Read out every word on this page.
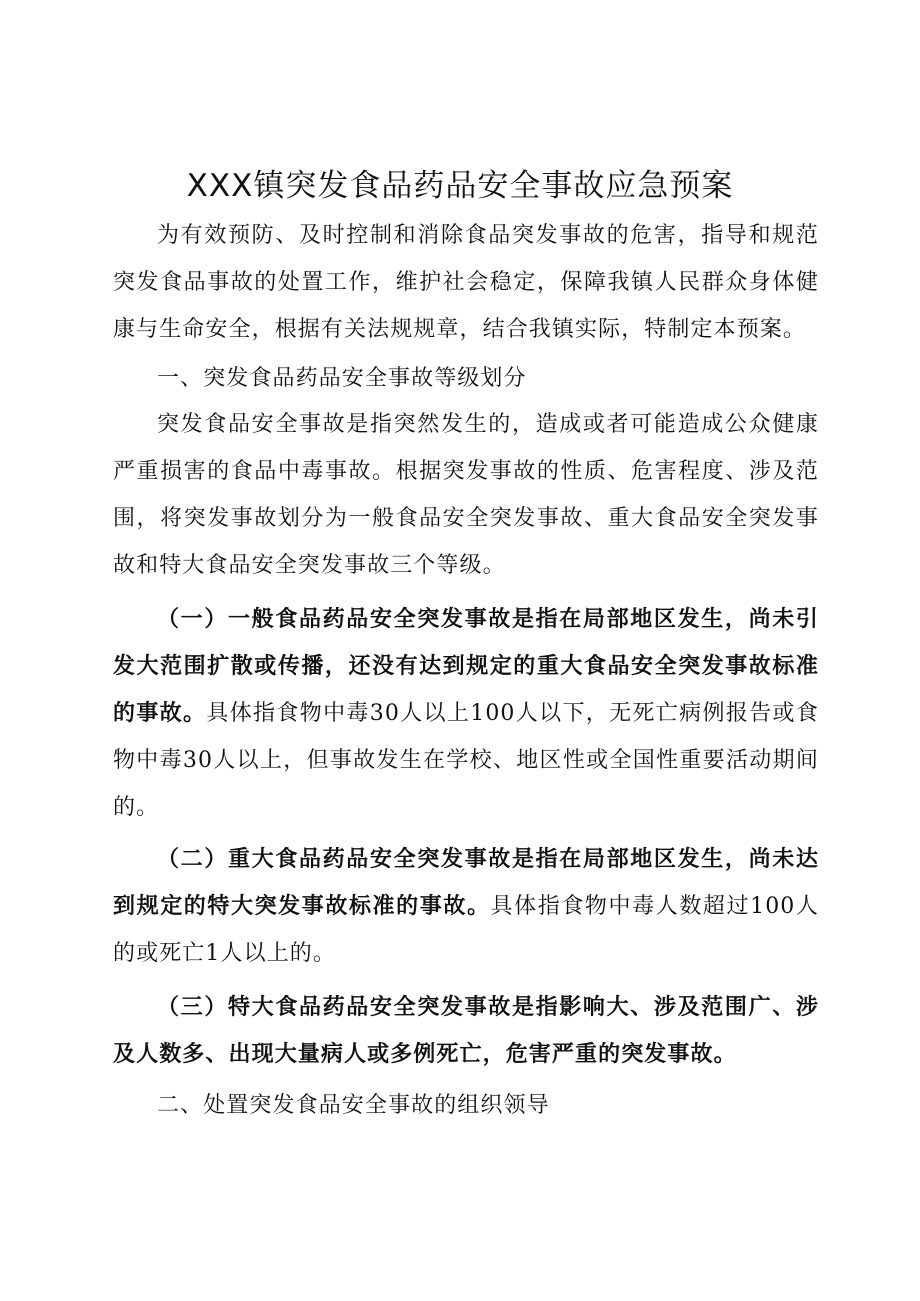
XXX镇突发食品药品安全事故应急预案
为有效预防、及时控制和消除食品突发事故的危害，指导和规范突发食品事故的处置工作，维护社会稳定，保障我镇人民群众身体健康与生命安全，根据有关法规规章，结合我镇实际，特制定本预案。
一、突发食品药品安全事故等级划分
突发食品安全事故是指突然发生的，造成或者可能造成公众健康严重损害的食品中毒事故。根据突发事故的性质、危害程度、涉及范围，将突发事故划分为一般食品安全突发事故、重大食品安全突发事故和特大食品安全突发事故三个等级。
（一）一般食品药品安全突发事故是指在局部地区发生，尚未引发大范围扩散或传播，还没有达到规定的重大食品安全突发事故标准的事故。具体指食物中毒30人以上100人以下，无死亡病例报告或食物中毒30人以上，但事故发生在学校、地区性或全国性重要活动期间的。
（二）重大食品药品安全突发事故是指在局部地区发生，尚未达到规定的特大突发事故标准的事故。具体指食物中毒人数超过100人的或死亡1人以上的。
（三）特大食品药品安全突发事故是指影响大、涉及范围广、涉及人数多、出现大量病人或多例死亡，危害严重的突发事故。
二、处置突发食品安全事故的组织领导
